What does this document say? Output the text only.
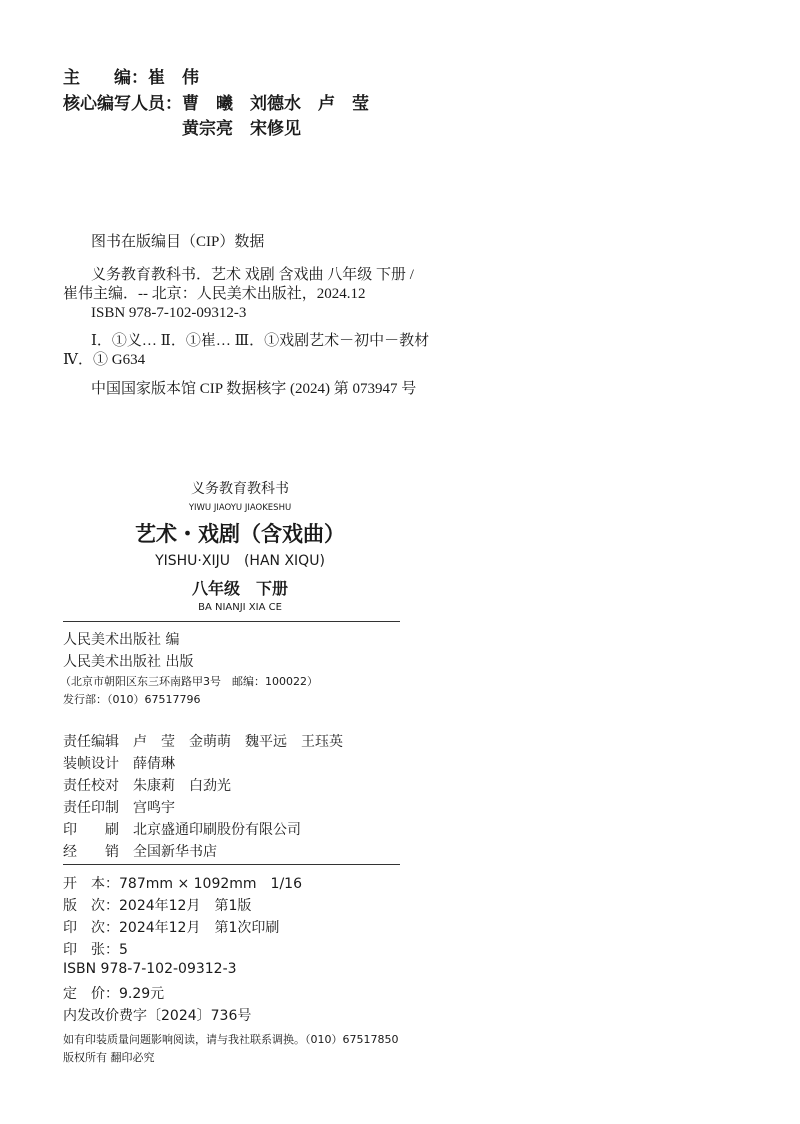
主　　编：崔　伟
核心编写人员：曹　曦　刘德水　卢　莹
黄宗亮　宋修见
图书在版编目（CIP）数据
义务教育教科书．艺术 戏剧 含戏曲 八年级 下册 /
崔伟主编．-- 北京：人民美术出版社，2024.12
ISBN 978-7-102-09312-3
Ⅰ．①义… Ⅱ．①崔… Ⅲ．①戏剧艺术－初中－教材
Ⅳ．① G634
中国国家版本馆 CIP 数据核字 (2024) 第 073947 号
义务教育教科书
YIWU JIAOYU JIAOKESHU
艺术・戏剧（含戏曲）
YISHU·XIJU　(HAN XIQU)
八年级　下册
BA NIANJI XIA CE
人民美术出版社 编
人民美术出版社 出版
（北京市朝阳区东三环南路甲3号　邮编：100022）
发行部：（010）67517796
责任编辑 卢　莹　金萌萌　魏平远　王珏英
装帧设计 薛倩琳
责任校对 朱康莉　白劲光
责任印制 宫鸣宇
印　　刷 北京盛通印刷股份有限公司
经　　销 全国新华书店
开　本：787mm × 1092mm　1/16
版　次：2024年12月　第1版
印　次：2024年12月　第1次印刷
印　张：5
ISBN 978-7-102-09312-3
定　价：9.29元
内发改价费字〔2024〕736号
如有印装质量问题影响阅读，请与我社联系调换。（010）67517850
版权所有 翻印必究
